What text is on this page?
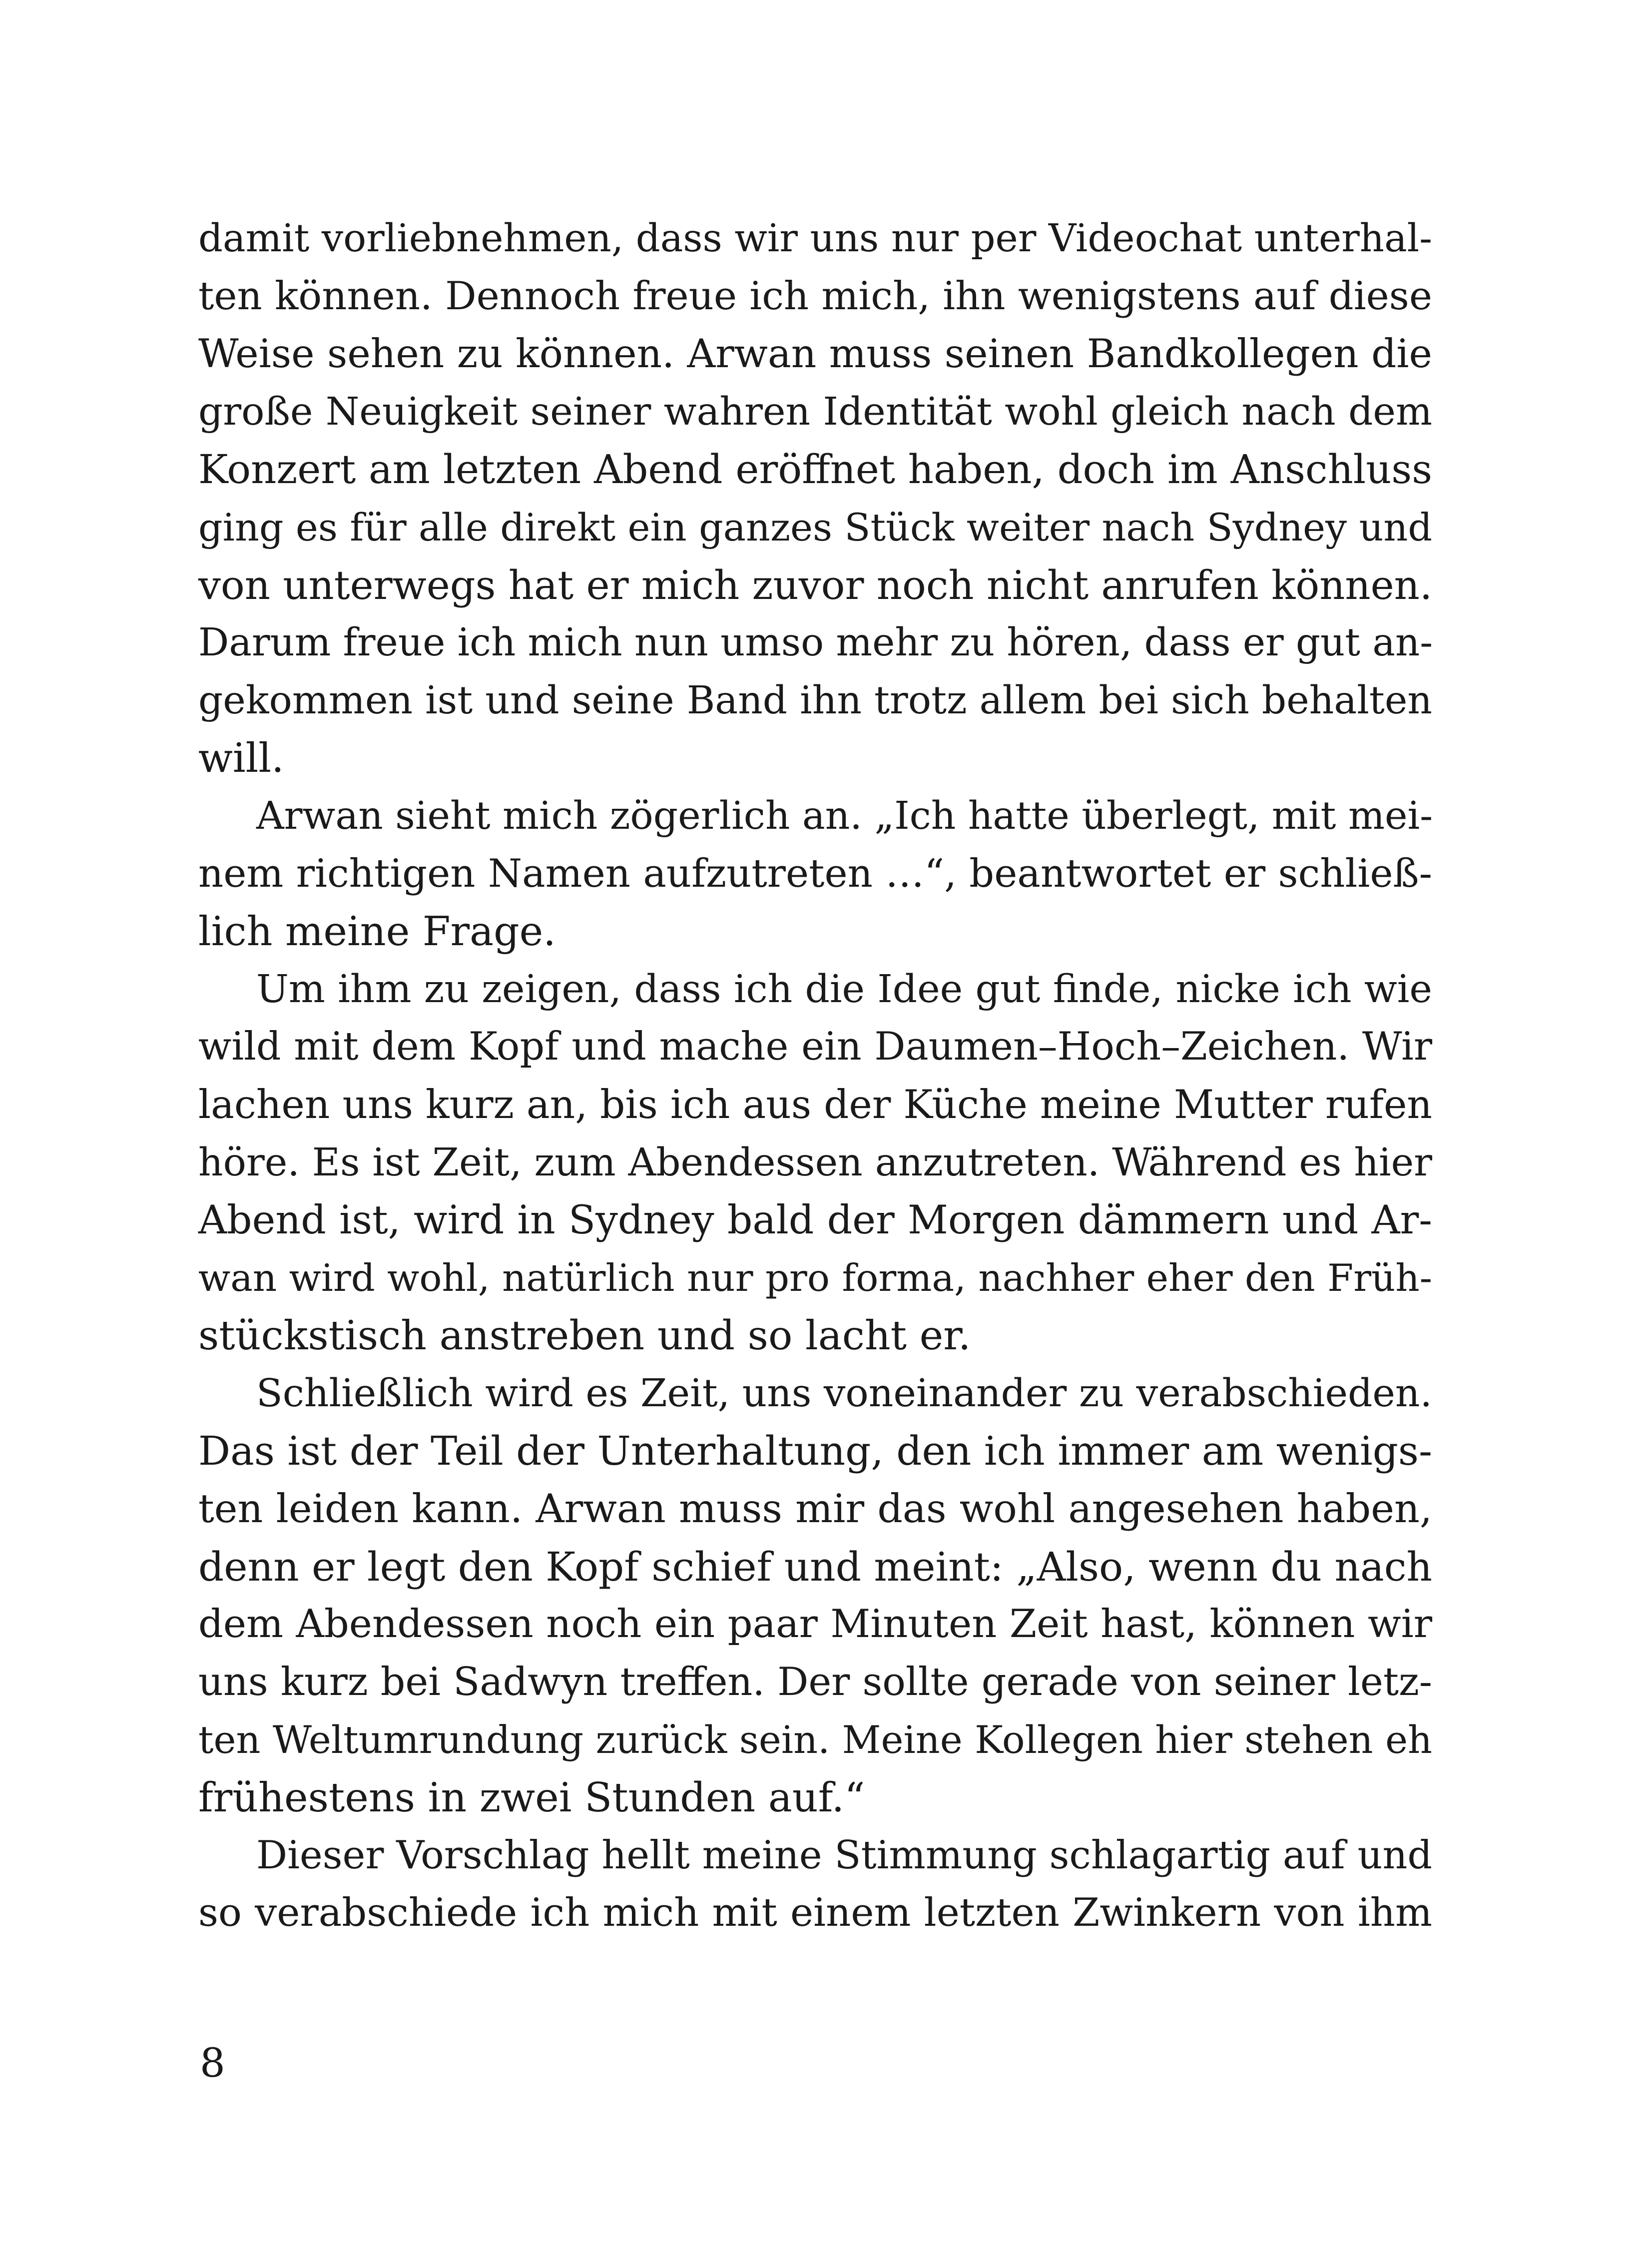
damit vorliebnehmen, dass wir uns nur per Videochat unterhal-
ten können. Dennoch freue ich mich, ihn wenigstens auf diese
Weise sehen zu können. Arwan muss seinen Bandkollegen die
große Neuigkeit seiner wahren Identität wohl gleich nach dem
Konzert am letzten Abend eröffnet haben, doch im Anschluss
ging es für alle direkt ein ganzes Stück weiter nach Sydney und
von unterwegs hat er mich zuvor noch nicht anrufen können.
Darum freue ich mich nun umso mehr zu hören, dass er gut an-
gekommen ist und seine Band ihn trotz allem bei sich behalten
will.
Arwan sieht mich zögerlich an. „Ich hatte überlegt, mit mei-
nem richtigen Namen aufzutreten …“, beantwortet er schließ-
lich meine Frage.
Um ihm zu zeigen, dass ich die Idee gut finde, nicke ich wie
wild mit dem Kopf und mache ein Daumen–Hoch–Zeichen. Wir
lachen uns kurz an, bis ich aus der Küche meine Mutter rufen
höre. Es ist Zeit, zum Abendessen anzutreten. Während es hier
Abend ist, wird in Sydney bald der Morgen dämmern und Ar-
wan wird wohl, natürlich nur pro forma, nachher eher den Früh-
stückstisch anstreben und so lacht er.
Schließlich wird es Zeit, uns voneinander zu verabschieden.
Das ist der Teil der Unterhaltung, den ich immer am wenigs-
ten leiden kann. Arwan muss mir das wohl angesehen haben,
denn er legt den Kopf schief und meint: „Also, wenn du nach
dem Abendessen noch ein paar Minuten Zeit hast, können wir
uns kurz bei Sadwyn treffen. Der sollte gerade von seiner letz-
ten Weltumrundung zurück sein. Meine Kollegen hier stehen eh
frühestens in zwei Stunden auf.“
Dieser Vorschlag hellt meine Stimmung schlagartig auf und
so verabschiede ich mich mit einem letzten Zwinkern von ihm
8
